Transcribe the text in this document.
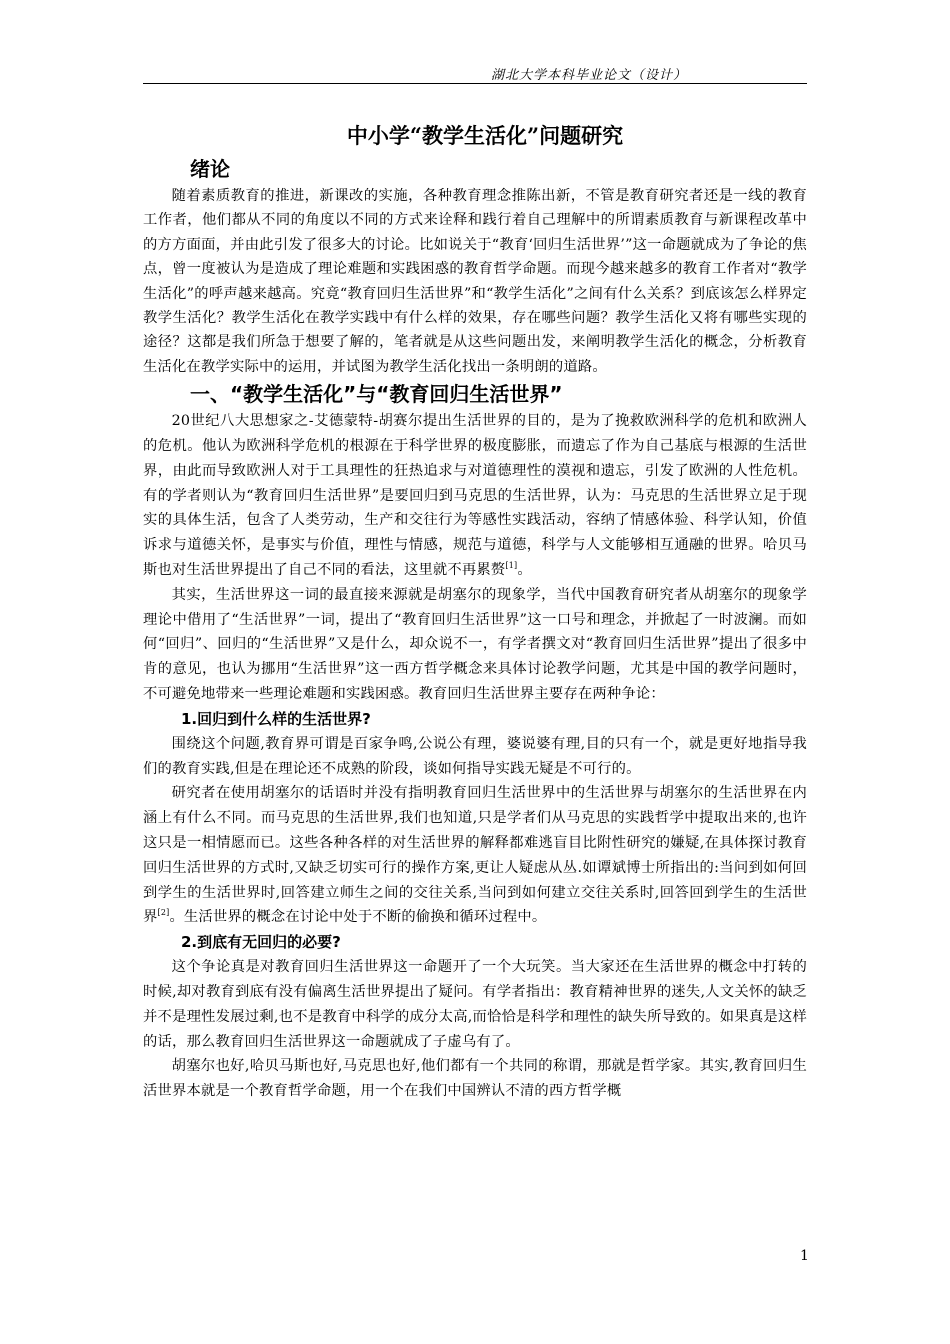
湖北大学本科毕业论文（设计）
中小学“教学生活化”问题研究
绪论

随着素质教育的推进，新课改的实施，各种教育理念推陈出新，不管是教育研究者还是一线的教育工作者，他们都从不同的角度以不同的方式来诠释和践行着自己理解中的所谓素质教育与新课程改革中的方方面面，并由此引发了很多大的讨论。比如说关于“教育‘回归生活世界’”这一命题就成为了争论的焦点，曾一度被认为是造成了理论难题和实践困惑的教育哲学命题。而现今越来越多的教育工作者对“教学生活化”的呼声越来越高。究竟“教育回归生活世界”和“教学生活化”之间有什么关系？到底该怎么样界定教学生活化？教学生活化在教学实践中有什么样的效果，存在哪些问题？教学生活化又将有哪些实现的途径？这都是我们所急于想要了解的，笔者就是从这些问题出发，来阐明教学生活化的概念，分析教育生活化在教学实际中的运用，并试图为教学生活化找出一条明朗的道路。

一、“教学生活化”与“教育回归生活世界”

20世纪八大思想家之-艾德蒙特-胡赛尔提出生活世界的目的，是为了挽救欧洲科学的危机和欧洲人的危机。他认为欧洲科学危机的根源在于科学世界的极度膨胀，而遗忘了作为自己基底与根源的生活世界，由此而导致欧洲人对于工具理性的狂热追求与对道德理性的漠视和遗忘，引发了欧洲的人性危机。有的学者则认为“教育回归生活世界”是要回归到马克思的生活世界，认为：马克思的生活世界立足于现实的具体生活，包含了人类劳动，生产和交往行为等感性实践活动，容纳了情感体验、科学认知，价值诉求与道德关怀，是事实与价值，理性与情感，规范与道德，科学与人文能够相互通融的世界。哈贝马斯也对生活世界提出了自己不同的看法，这里就不再累赘[1]。

其实，生活世界这一词的最直接来源就是胡塞尔的现象学，当代中国教育研究者从胡塞尔的现象学理论中借用了“生活世界”一词，提出了“教育回归生活世界”这一口号和理念，并掀起了一时波澜。而如何“回归”、回归的“生活世界”又是什么，却众说不一，有学者撰文对“教育回归生活世界”提出了很多中肯的意见，也认为挪用“生活世界”这一西方哲学概念来具体讨论教学问题，尤其是中国的教学问题时，不可避免地带来一些理论难题和实践困惑。教育回归生活世界主要存在两种争论：

1.回归到什么样的生活世界?

围绕这个问题,教育界可谓是百家争鸣,公说公有理，婆说婆有理,目的只有一个，就是更好地指导我们的教育实践,但是在理论还不成熟的阶段，谈如何指导实践无疑是不可行的。

研究者在使用胡塞尔的话语时并没有指明教育回归生活世界中的生活世界与胡塞尔的生活世界在内涵上有什么不同。而马克思的生活世界,我们也知道,只是学者们从马克思的实践哲学中提取出来的,也许这只是一相情愿而已。这些各种各样的对生活世界的解释都难逃盲目比附性研究的嫌疑,在具体探讨教育回归生活世界的方式时,又缺乏切实可行的操作方案,更让人疑虑从丛.如谭斌博士所指出的:当问到如何回到学生的生活世界时,回答建立师生之间的交往关系,当问到如何建立交往关系时,回答回到学生的生活世界[2]。生活世界的概念在讨论中处于不断的偷换和循环过程中。

2.到底有无回归的必要?

这个争论真是对教育回归生活世界这一命题开了一个大玩笑。当大家还在生活世界的概念中打转的时候,却对教育到底有没有偏离生活世界提出了疑问。有学者指出：教育精神世界的迷失,人文关怀的缺乏并不是理性发展过剩,也不是教育中科学的成分太高,而恰恰是科学和理性的缺失所导致的。如果真是这样的话，那么教育回归生活世界这一命题就成了子虚乌有了。

胡塞尔也好,哈贝马斯也好,马克思也好,他们都有一个共同的称谓，那就是哲学家。其实,教育回归生活世界本就是一个教育哲学命题，用一个在我们中国辨认不清的西方哲学概

1
